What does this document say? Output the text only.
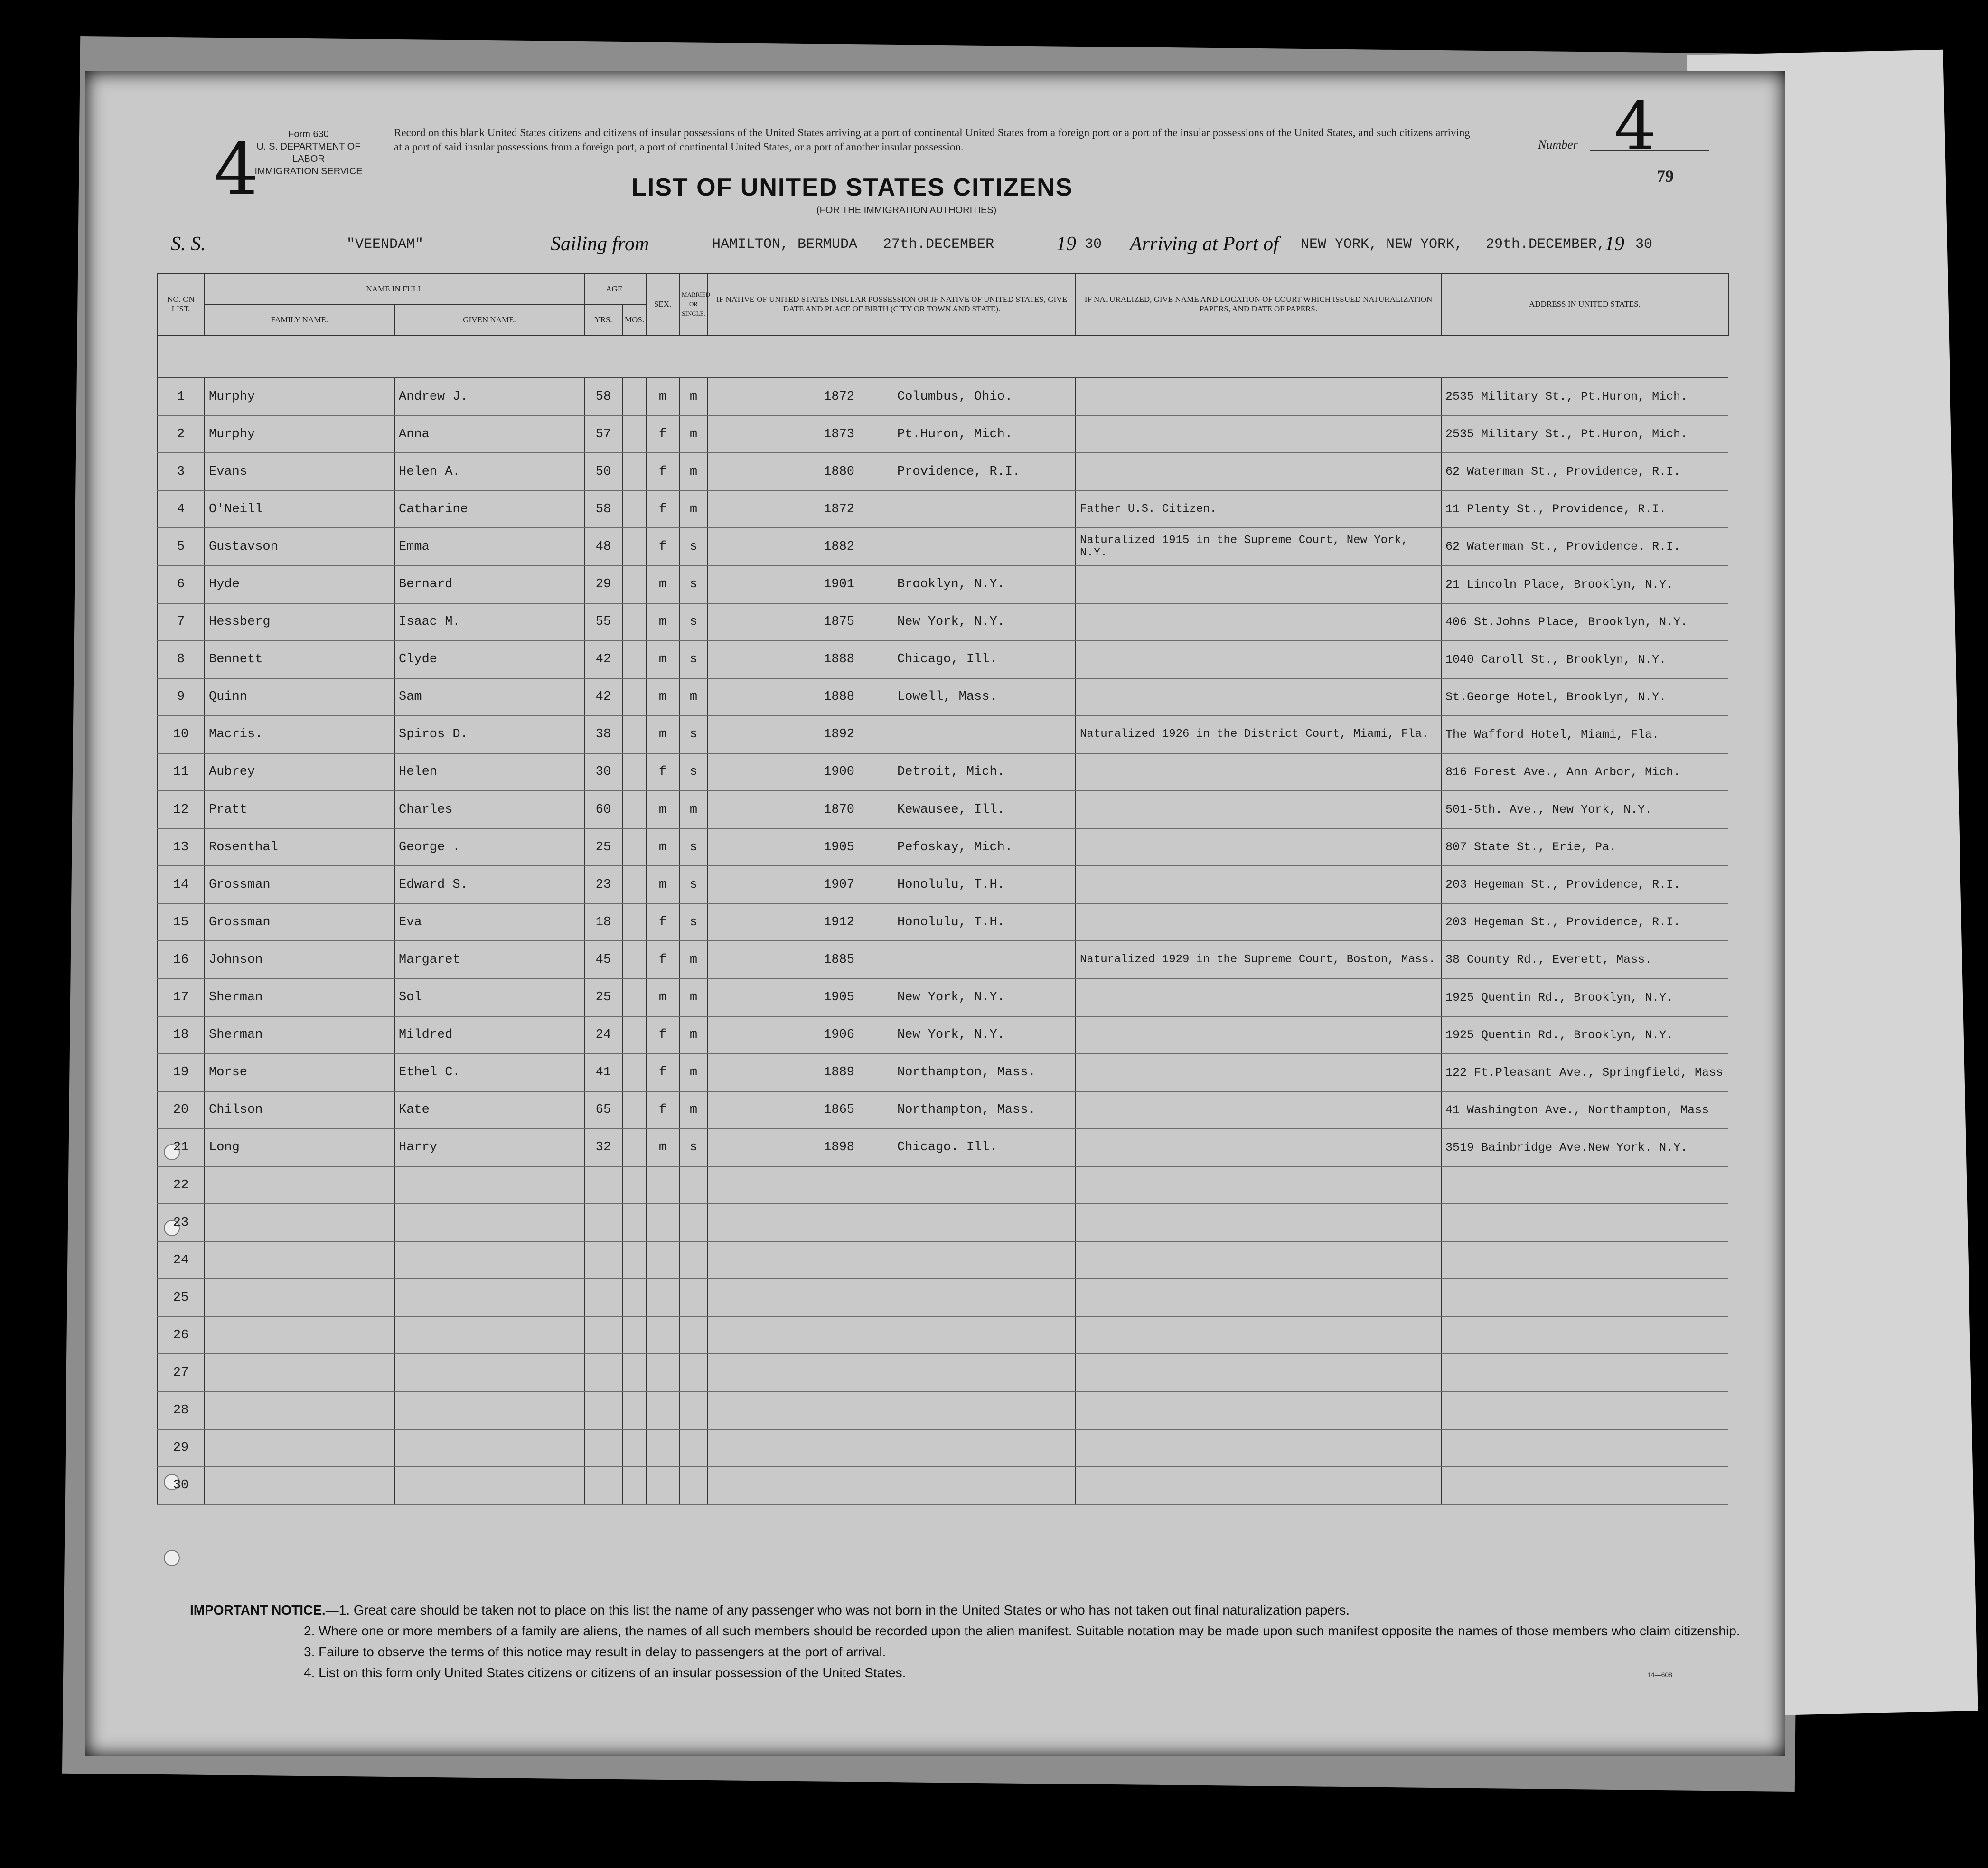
Form 630
U. S. DEPARTMENT OF LABOR
IMMIGRATION SERVICE
4	Record on this blank United States citizens and citizens of insular possessions of the United States arriving at a port of continental United States from a foreign port or a port of the insular possessions of the United States, and such citizens arriving at a port of said insular possessions from a foreign port, a port of continental United States, or a port of another insular possession.	Number 4
79
LIST OF UNITED STATES CITIZENS
(FOR THE IMMIGRATION AUTHORITIES)
S. S.	"VEENDAM"	Sailing from	HAMILTON, BERMUDA	27th.DECEMBER	19 30 Arriving at Port of NEW YORK, NEW YORK,	29th.DECEMBER,
19 30
NO. ON LIST.	NAME IN FULL		AGE.		SEX.	MARRIED OR SINGLE.	IF NATIVE OF UNITED STATES INSULAR POSSESSION OR IF NATIVE OF UNITED STATES, GIVE DATE AND PLACE OF BIRTH (CITY OR TOWN AND STATE).	IF NATURALIZED, GIVE NAME AND LOCATION OF COURT WHICH ISSUED NATURALIZATION PAPERS, AND DATE OF PAPERS.	ADDRESS IN UNITED STATES.
	FAMILY NAME.	GIVEN NAME.	YRS.	MOS.					

1	Murphy	Andrew J.	58		m	m	1872 Columbus, Ohio.		2535 Military St., Pt.Huron, Mich.
2	Murphy	Anna	57		f	m	1873 Pt.Huron, Mich.		2535 Military St., Pt.Huron, Mich.
3	Evans	Helen A.	50		f	m	1880 Providence, R.I.		62 Waterman St., Providence, R.I.
4	O'Neill	Catharine	58		f	m	1872	Father U.S. Citizen.	11 Plenty St., Providence, R.I.
5	Gustavson	Emma	48		f	s	1882	Naturalized 1915 in the Supreme Court, New York, N.Y.	62 Waterman St., Providence. R.I.
6	Hyde	Bernard	29		m	s	1901 Brooklyn, N.Y.		21 Lincoln Place, Brooklyn, N.Y.
7	Hessberg	Isaac M.	55		m	s	1875 New York, N.Y.		406 St.Johns Place, Brooklyn, N.Y.
8	Bennett	Clyde	42		m	s	1888 Chicago, Ill.		1040 Caroll St., Brooklyn, N.Y.
9	Quinn	Sam	42		m	m	1888 Lowell, Mass.		St.George Hotel, Brooklyn, N.Y.
10	Macris.	Spiros D.	38		m	s	1892	Naturalized 1926 in the District Court, Miami, Fla.	The Wafford Hotel, Miami, Fla.
11	Aubrey	Helen	30		f	s	1900 Detroit, Mich.		816 Forest Ave., Ann Arbor, Mich.
12	Pratt	Charles	60		m	m	1870 Kewausee, Ill.		501-5th. Ave., New York, N.Y.
13	Rosenthal	George .	25		m	s	1905 Pefoskay, Mich.		807 State St., Erie, Pa.
14	Grossman	Edward S.	23		m	s	1907 Honolulu, T.H.		203 Hegeman St., Providence, R.I.
15	Grossman	Eva	18		f	s	1912 Honolulu, T.H.		203 Hegeman St., Providence, R.I.
16	Johnson	Margaret	45		f	m	1885	Naturalized 1929 in the Supreme Court, Boston, Mass.	38 County Rd., Everett, Mass.
17	Sherman	Sol	25		m	m	1905 New York, N.Y.		1925 Quentin Rd., Brooklyn, N.Y.
18	Sherman	Mildred	24		f	m	1906 New York, N.Y.		1925 Quentin Rd., Brooklyn, N.Y.
19	Morse	Ethel C.	41		f	m	1889 Northampton, Mass.		122 Ft.Pleasant Ave., Springfield, Mass
20	Chilson	Kate	65		f	m	1865 Northampton, Mass.		41 Washington Ave., Northampton, Mass
21	Long	Harry	32		m	s	1898 Chicago. Ill.		3519 Bainbridge Ave.New York. N.Y.
22									
23									
24									
25									
26									
27									
28									
29									
30									
IMPORTANT NOTICE.—1. Great care should be taken not to place on this list the name of any passenger who was not born in the United States or who has not taken out final naturalization papers.
2. Where one or more members of a family are aliens, the names of all such members should be recorded upon the alien manifest. Suitable notation may be made upon such manifest opposite the names of those members who claim citizenship.
3. Failure to observe the terms of this notice may result in delay to passengers at the port of arrival.
4. List on this form only United States citizens or citizens of an insular possession of the United States.	14—608
